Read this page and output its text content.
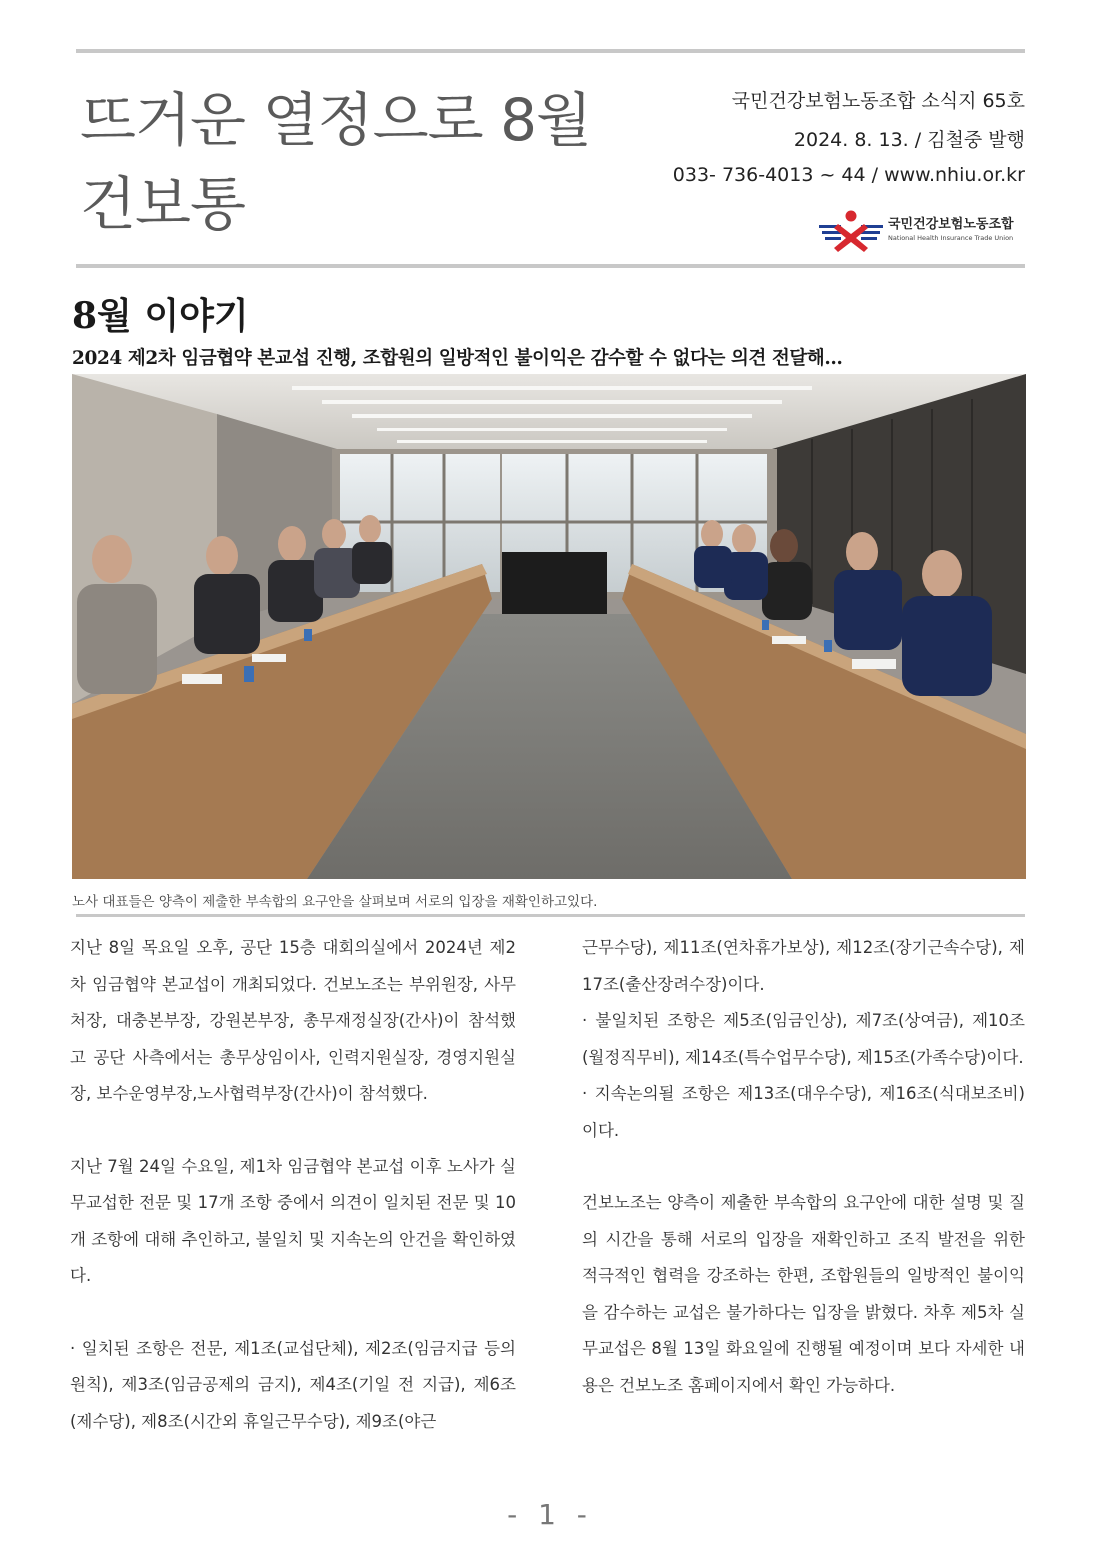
뜨거운 열정으로 8월
건보통
국민건강보험노동조합 소식지 65호
2024. 8. 13. / 김철중 발행
033- 736-4013 ~ 44 / www.nhiu.or.kr
국민건강보험노동조합
National Health Insurance Trade Union
8월 이야기
2024 제2차 임금협약 본교섭 진행, 조합원의 일방적인 불이익은 감수할 수 없다는 의견 전달해…
노사 대표들은 양측이 제출한 부속합의 요구안을 살펴보며 서로의 입장을 재확인하고있다.

지난 8일 목요일 오후, 공단 15층 대회의실에서 2024년 제2차 임금협약 본교섭이 개최되었다. 건보노조는 부위원장, 사무처장, 대충본부장, 강원본부장, 총무재정실장(간사)이 참석했고 공단 사측에서는 총무상임이사, 인력지원실장, 경영지원실장, 보수운영부장,노사협력부장(간사)이 참석했다.

지난 7월 24일 수요일, 제1차 임금협약 본교섭 이후 노사가 실무교섭한 전문 및 17개 조항 중에서 의견이 일치된 전문 및 10개 조항에 대해 추인하고, 불일치 및 지속논의 안건을 확인하였다.

· 일치된 조항은 전문, 제1조(교섭단체), 제2조(임금지급 등의 원칙), 제3조(임금공제의 금지), 제4조(기일 전 지급), 제6조(제수당), 제8조(시간외 휴일근무수당), 제9조(야근

근무수당), 제11조(연차휴가보상), 제12조(장기근속수당), 제17조(출산장려수장)이다.

· 불일치된 조항은 제5조(임금인상), 제7조(상여금), 제10조(월정직무비), 제14조(특수업무수당), 제15조(가족수당)이다.

· 지속논의될 조항은 제13조(대우수당), 제16조(식대보조비)이다.

건보노조는 양측이 제출한 부속합의 요구안에 대한 설명 및 질의 시간을 통해 서로의 입장을 재확인하고 조직 발전을 위한 적극적인 협력을 강조하는 한편, 조합원들의 일방적인 불이익을 감수하는 교섭은 불가하다는 입장을 밝혔다. 차후 제5차 실무교섭은 8월 13일 화요일에 진행될 예정이며 보다 자세한 내용은 건보노조 홈페이지에서 확인 가능하다.

- 1 -
